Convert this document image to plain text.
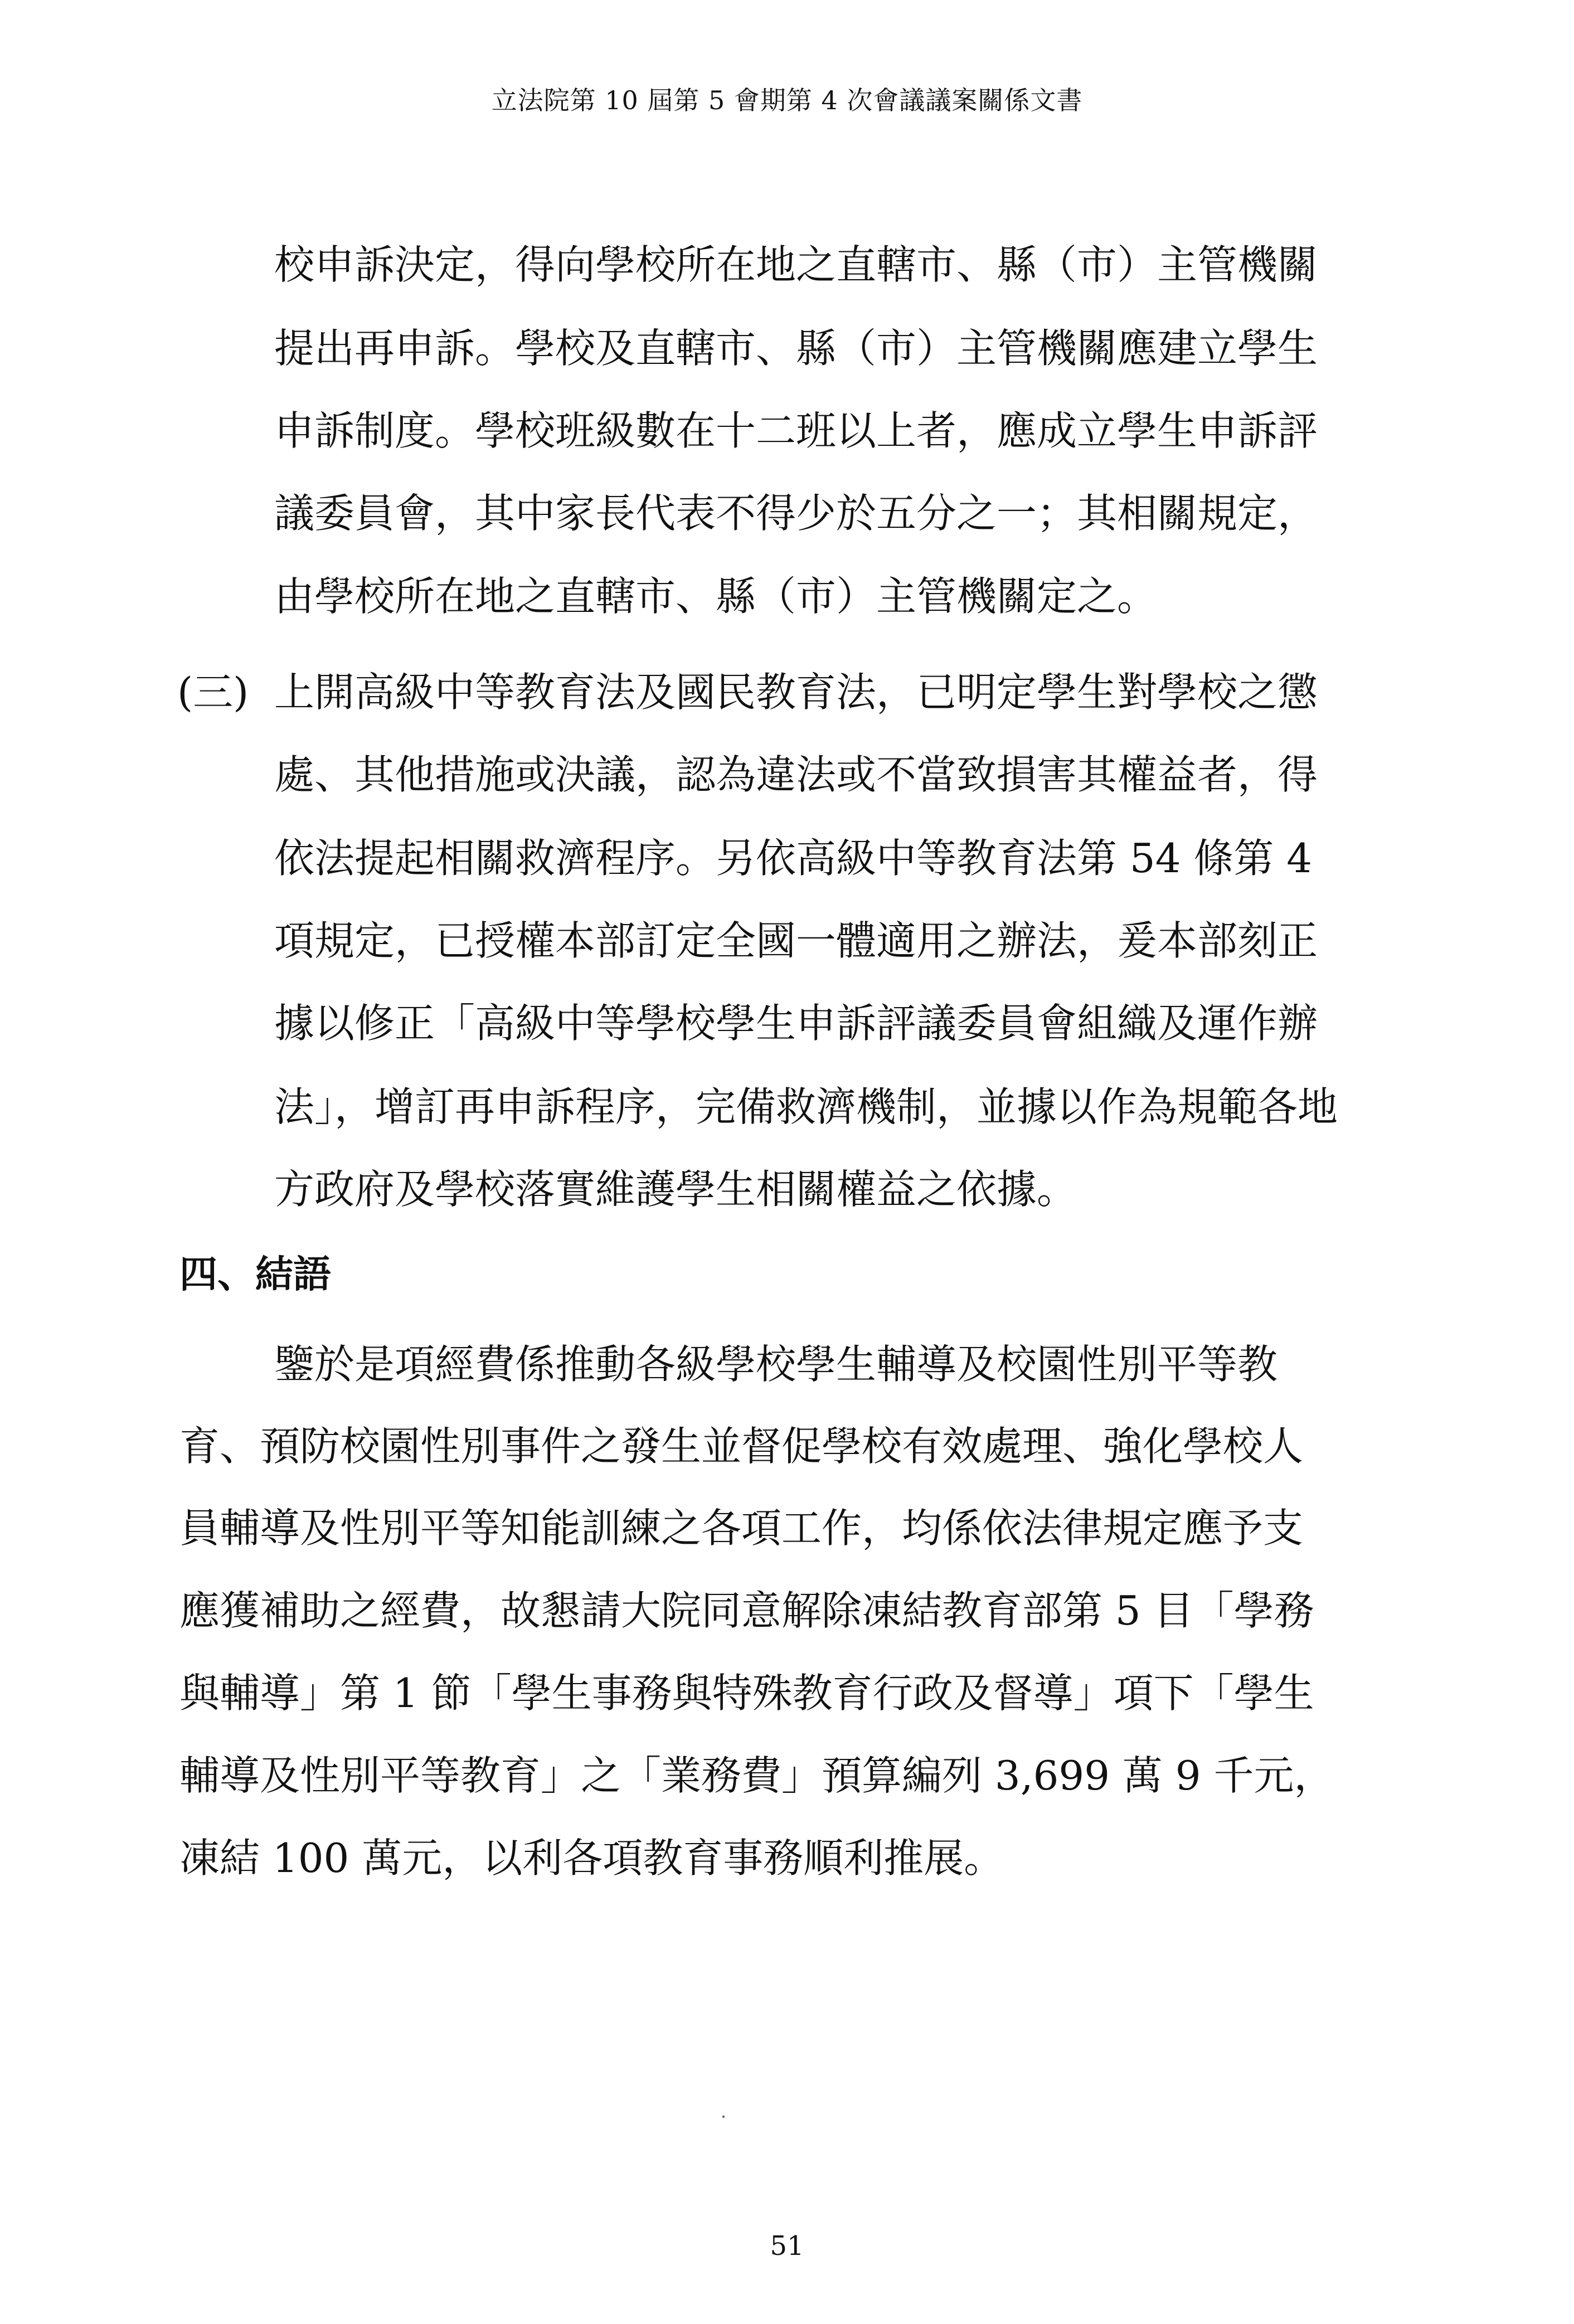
立法院第 10 屆第 5 會期第 4 次會議議案關係文書
校申訴決定，得向學校所在地之直轄市、縣（市）主管機關
提出再申訴。學校及直轄市、縣（市）主管機關應建立學生
申訴制度。學校班級數在十二班以上者，應成立學生申訴評
議委員會，其中家長代表不得少於五分之一；其相關規定，
由學校所在地之直轄市、縣（市）主管機關定之。
(三) 上開高級中等教育法及國民教育法，已明定學生對學校之懲
處、其他措施或決議，認為違法或不當致損害其權益者，得
依法提起相關救濟程序。另依高級中等教育法第 54 條第 4
項規定，已授權本部訂定全國一體適用之辦法，爰本部刻正
據以修正「高級中等學校學生申訴評議委員會組織及運作辦
法」，增訂再申訴程序，完備救濟機制，並據以作為規範各地
方政府及學校落實維護學生相關權益之依據。
四、結語
鑒於是項經費係推動各級學校學生輔導及校園性別平等教
育、預防校園性別事件之發生並督促學校有效處理、強化學校人
員輔導及性別平等知能訓練之各項工作，均係依法律規定應予支
應獲補助之經費，故懇請大院同意解除凍結教育部第 5 目「學務
與輔導」第 1 節「學生事務與特殊教育行政及督導」項下「學生
輔導及性別平等教育」之「業務費」預算編列 3,699 萬 9 千元，
凍結 100 萬元，以利各項教育事務順利推展。
51
